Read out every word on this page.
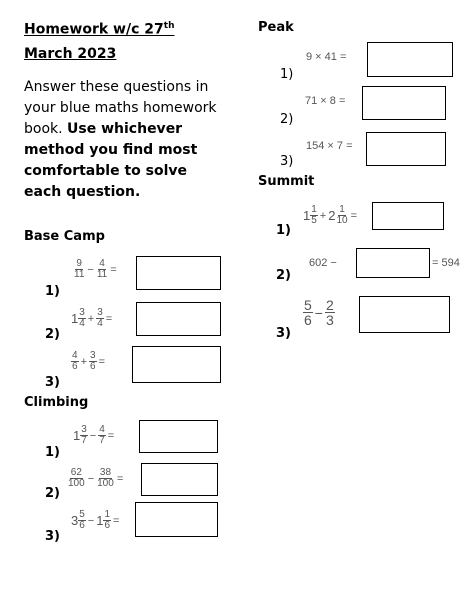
Homework w/c 27th
March 2023
Answer these questions in your blue maths homework book. Use whichever method you find most comfortable to solve each question.
Base Camp
$\frac{9}{11} - \frac{4}{11}$ =
1)
$1 \frac{3}{4} + \frac{3}{4}$ =
2)
$\frac{4}{6} + \frac{3}{6}$ =
3)
Climbing
$1 \frac{3}{7} - \frac{4}{7}$ =
1)
$\frac{62}{100} - \frac{38}{100}$ =
2)
$3 \frac{5}{6} - 1 \frac{1}{6}$ =
3)
Peak
9 × 41 =
1)
71 × 8 =
2)
154 × 7 =
3)
Summit
$1 \frac{1}{5} + 2 \frac{1}{10}$ =
1)
602 −	= 594
2)
$\frac{5}{6} - \frac{2}{3}$
3)
